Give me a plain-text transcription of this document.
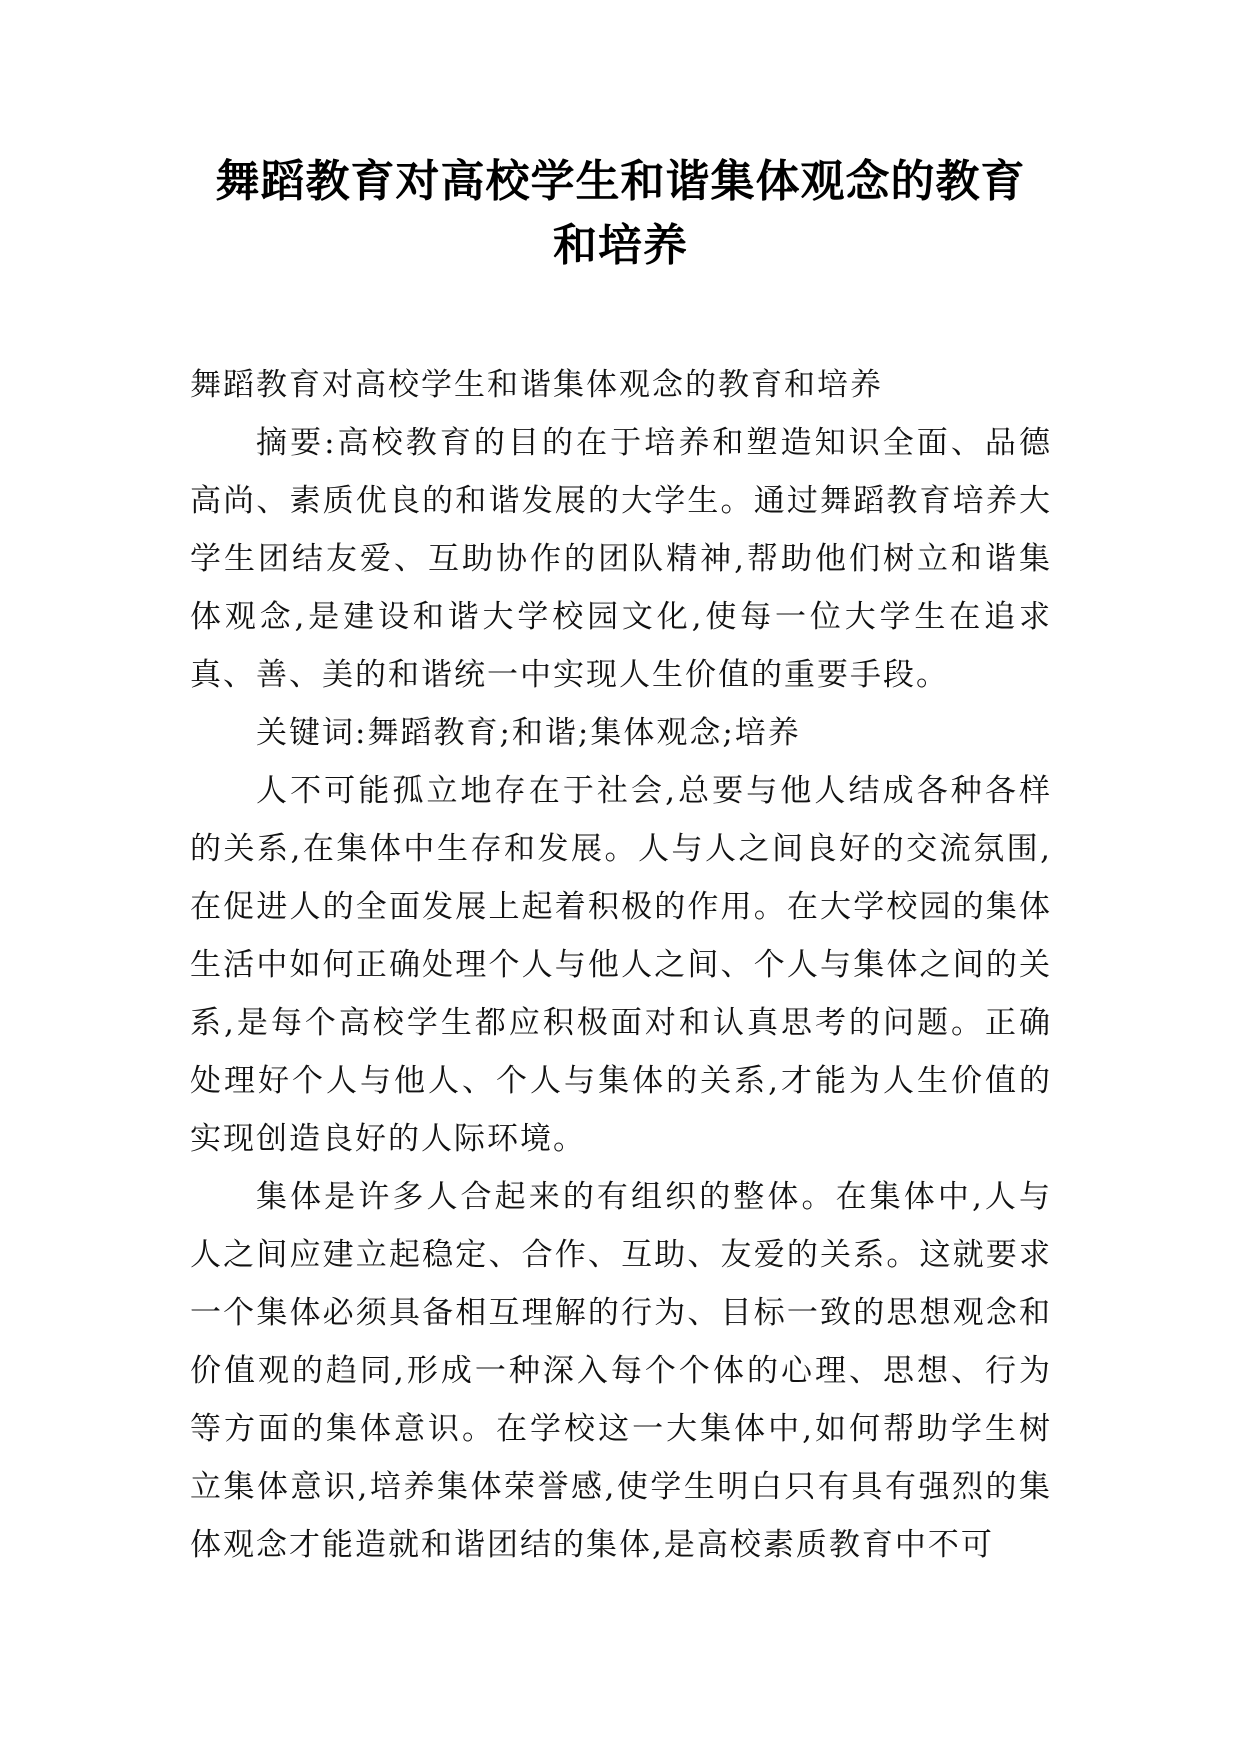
舞蹈教育对高校学生和谐集体观念的教育
和培养

舞蹈教育对高校学生和谐集体观念的教育和培养

摘要:高校教育的目的在于培养和塑造知识全面、品德高尚、素质优良的和谐发展的大学生。通过舞蹈教育培养大学生团结友爱、互助协作的团队精神,帮助他们树立和谐集体观念,是建设和谐大学校园文化,使每一位大学生在追求真、善、美的和谐统一中实现人生价值的重要手段。

关键词:舞蹈教育;和谐;集体观念;培养

人不可能孤立地存在于社会,总要与他人结成各种各样的关系,在集体中生存和发展。人与人之间良好的交流氛围,在促进人的全面发展上起着积极的作用。在大学校园的集体生活中如何正确处理个人与他人之间、个人与集体之间的关系,是每个高校学生都应积极面对和认真思考的问题。正确处理好个人与他人、个人与集体的关系,才能为人生价值的实现创造良好的人际环境。

集体是许多人合起来的有组织的整体。在集体中,人与人之间应建立起稳定、合作、互助、友爱的关系。这就要求一个集体必须具备相互理解的行为、目标一致的思想观念和价值观的趋同,形成一种深入每个个体的心理、思想、行为等方面的集体意识。在学校这一大集体中,如何帮助学生树立集体意识,培养集体荣誉感,使学生明白只有具有强烈的集体观念才能造就和谐团结的集体,是高校素质教育中不可
